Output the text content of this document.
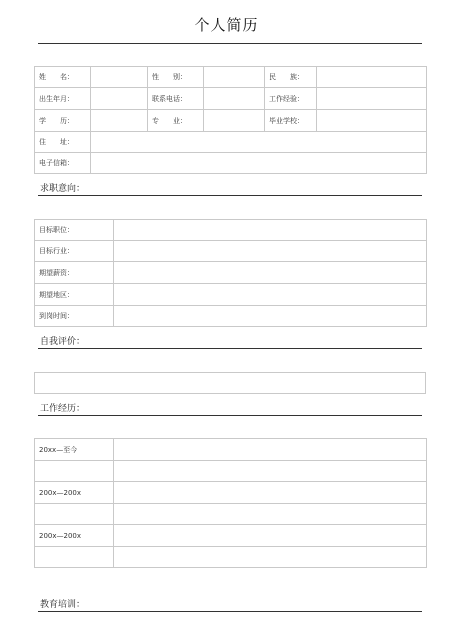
个人简历
姓　　名：		性　　别：		民　　族：	
出生年月：		联系电话：		工作经验：	
学　　历：		专　　业：		毕业学校：	
住　　址：					
电子信箱：					
求职意向：
目标职位：	
目标行业：	
期望薪资：	
期望地区：	
到岗时间：	
自我评价：
工作经历：
20xx—至今	

200x—200x	

200x—200x	

教育培训：
